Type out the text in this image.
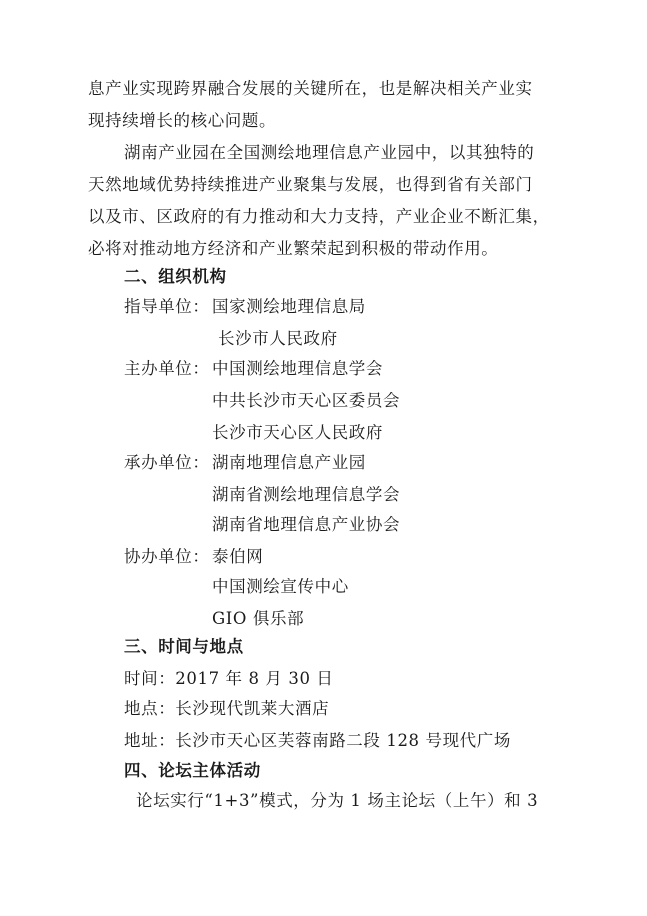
息产业实现跨界融合发展的关键所在，也是解决相关产业实
现持续增长的核心问题。
湖南产业园在全国测绘地理信息产业园中，以其独特的
天然地域优势持续推进产业聚集与发展，也得到省有关部门
以及市、区政府的有力推动和大力支持，产业企业不断汇集，
必将对推动地方经济和产业繁荣起到积极的带动作用。
二、组织机构
指导单位： 国家测绘地理信息局
长沙市人民政府
主办单位： 中国测绘地理信息学会
中共长沙市天心区委员会
长沙市天心区人民政府
承办单位： 湖南地理信息产业园
湖南省测绘地理信息学会
湖南省地理信息产业协会
协办单位： 泰伯网
中国测绘宣传中心
GIO 俱乐部
三、时间与地点
时间：2017 年 8 月 30 日
地点：长沙现代凯莱大酒店
地址：长沙市天心区芙蓉南路二段 128 号现代广场
四、论坛主体活动
论坛实行“1+3”模式，分为 1 场主论坛（上午）和 3
